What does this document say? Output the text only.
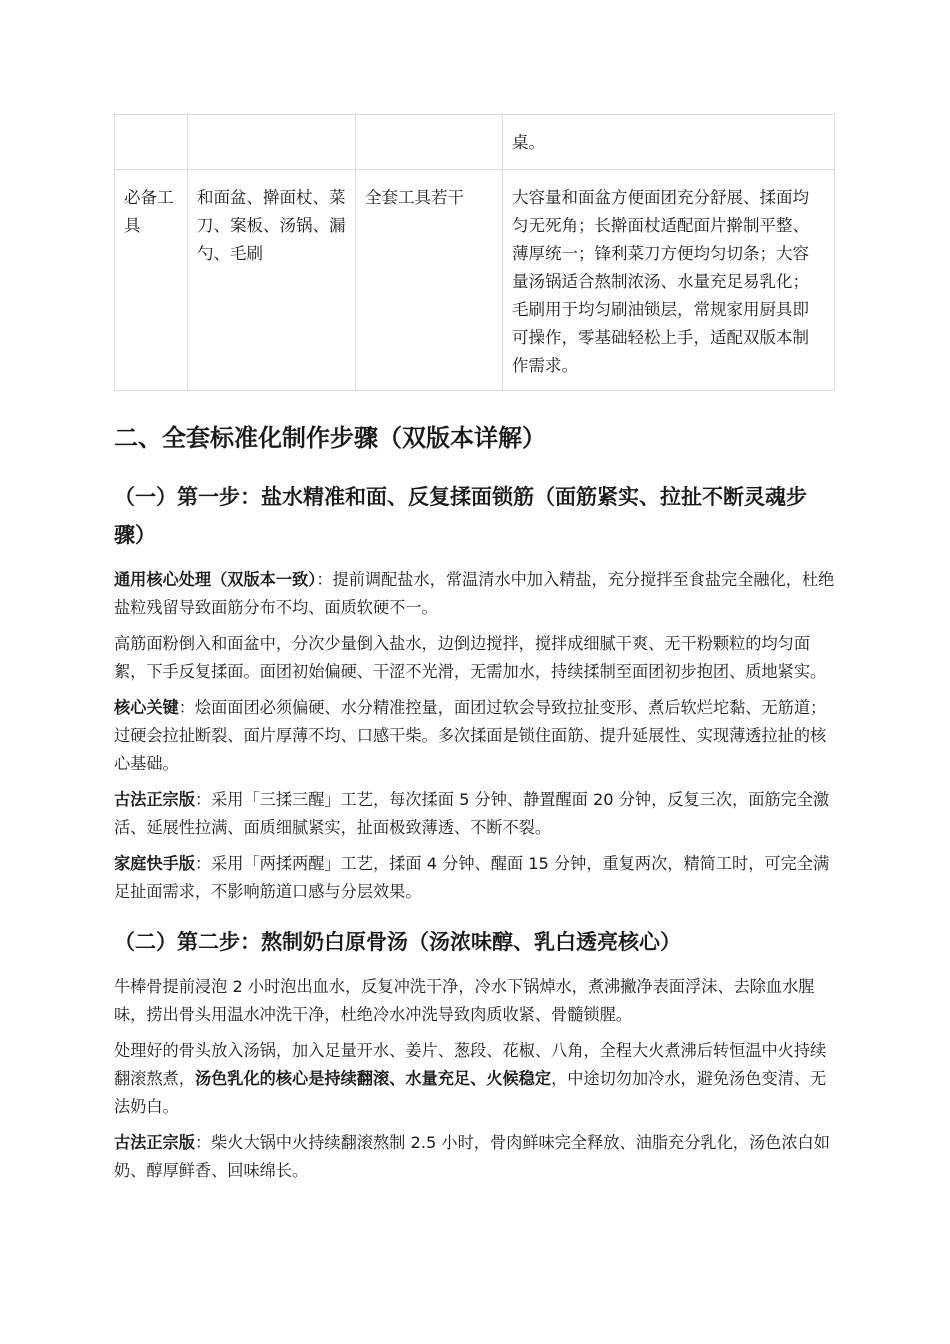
			桌。

必备工具	和面盆、擀面杖、菜刀、案板、汤锅、漏勺、毛刷	全套工具若干	大容量和面盆方便面团充分舒展、揉面均匀无死角；长擀面杖适配面片擀制平整、薄厚统一；锋利菜刀方便均匀切条；大容量汤锅适合熬制浓汤、水量充足易乳化；毛刷用于均匀刷油锁层，常规家用厨具即可操作，零基础轻松上手，适配双版本制作需求。
二、全套标准化制作步骤（双版本详解）
（一）第一步：盐水精准和面、反复揉面锁筋（面筋紧实、拉扯不断灵魂步骤）

通用核心处理（双版本一致）：提前调配盐水，常温清水中加入精盐，充分搅拌至食盐完全融化，杜绝盐粒残留导致面筋分布不均、面质软硬不一。

高筋面粉倒入和面盆中，分次少量倒入盐水，边倒边搅拌，搅拌成细腻干爽、无干粉颗粒的均匀面絮，下手反复揉面。面团初始偏硬、干涩不光滑，无需加水，持续揉制至面团初步抱团、质地紧实。

核心关键：烩面面团必须偏硬、水分精准控量，面团过软会导致拉扯变形、煮后软烂坨黏、无筋道；过硬会拉扯断裂、面片厚薄不均、口感干柴。多次揉面是锁住面筋、提升延展性、实现薄透拉扯的核心基础。

古法正宗版：采用「三揉三醒」工艺，每次揉面 5 分钟、静置醒面 20 分钟，反复三次，面筋完全激活、延展性拉满、面质细腻紧实，扯面极致薄透、不断不裂。

家庭快手版：采用「两揉两醒」工艺，揉面 4 分钟、醒面 15 分钟，重复两次，精简工时，可完全满足扯面需求，不影响筋道口感与分层效果。

（二）第二步：熬制奶白原骨汤（汤浓味醇、乳白透亮核心）

牛棒骨提前浸泡 2 小时泡出血水，反复冲洗干净，冷水下锅焯水，煮沸撇净表面浮沫、去除血水腥味，捞出骨头用温水冲洗干净，杜绝冷水冲洗导致肉质收紧、骨髓锁腥。

处理好的骨头放入汤锅，加入足量开水、姜片、葱段、花椒、八角，全程大火煮沸后转恒温中火持续翻滚熬煮，汤色乳化的核心是持续翻滚、水量充足、火候稳定，中途切勿加冷水，避免汤色变清、无法奶白。

古法正宗版：柴火大锅中火持续翻滚熬制 2.5 小时，骨肉鲜味完全释放、油脂充分乳化，汤色浓白如奶、醇厚鲜香、回味绵长。
